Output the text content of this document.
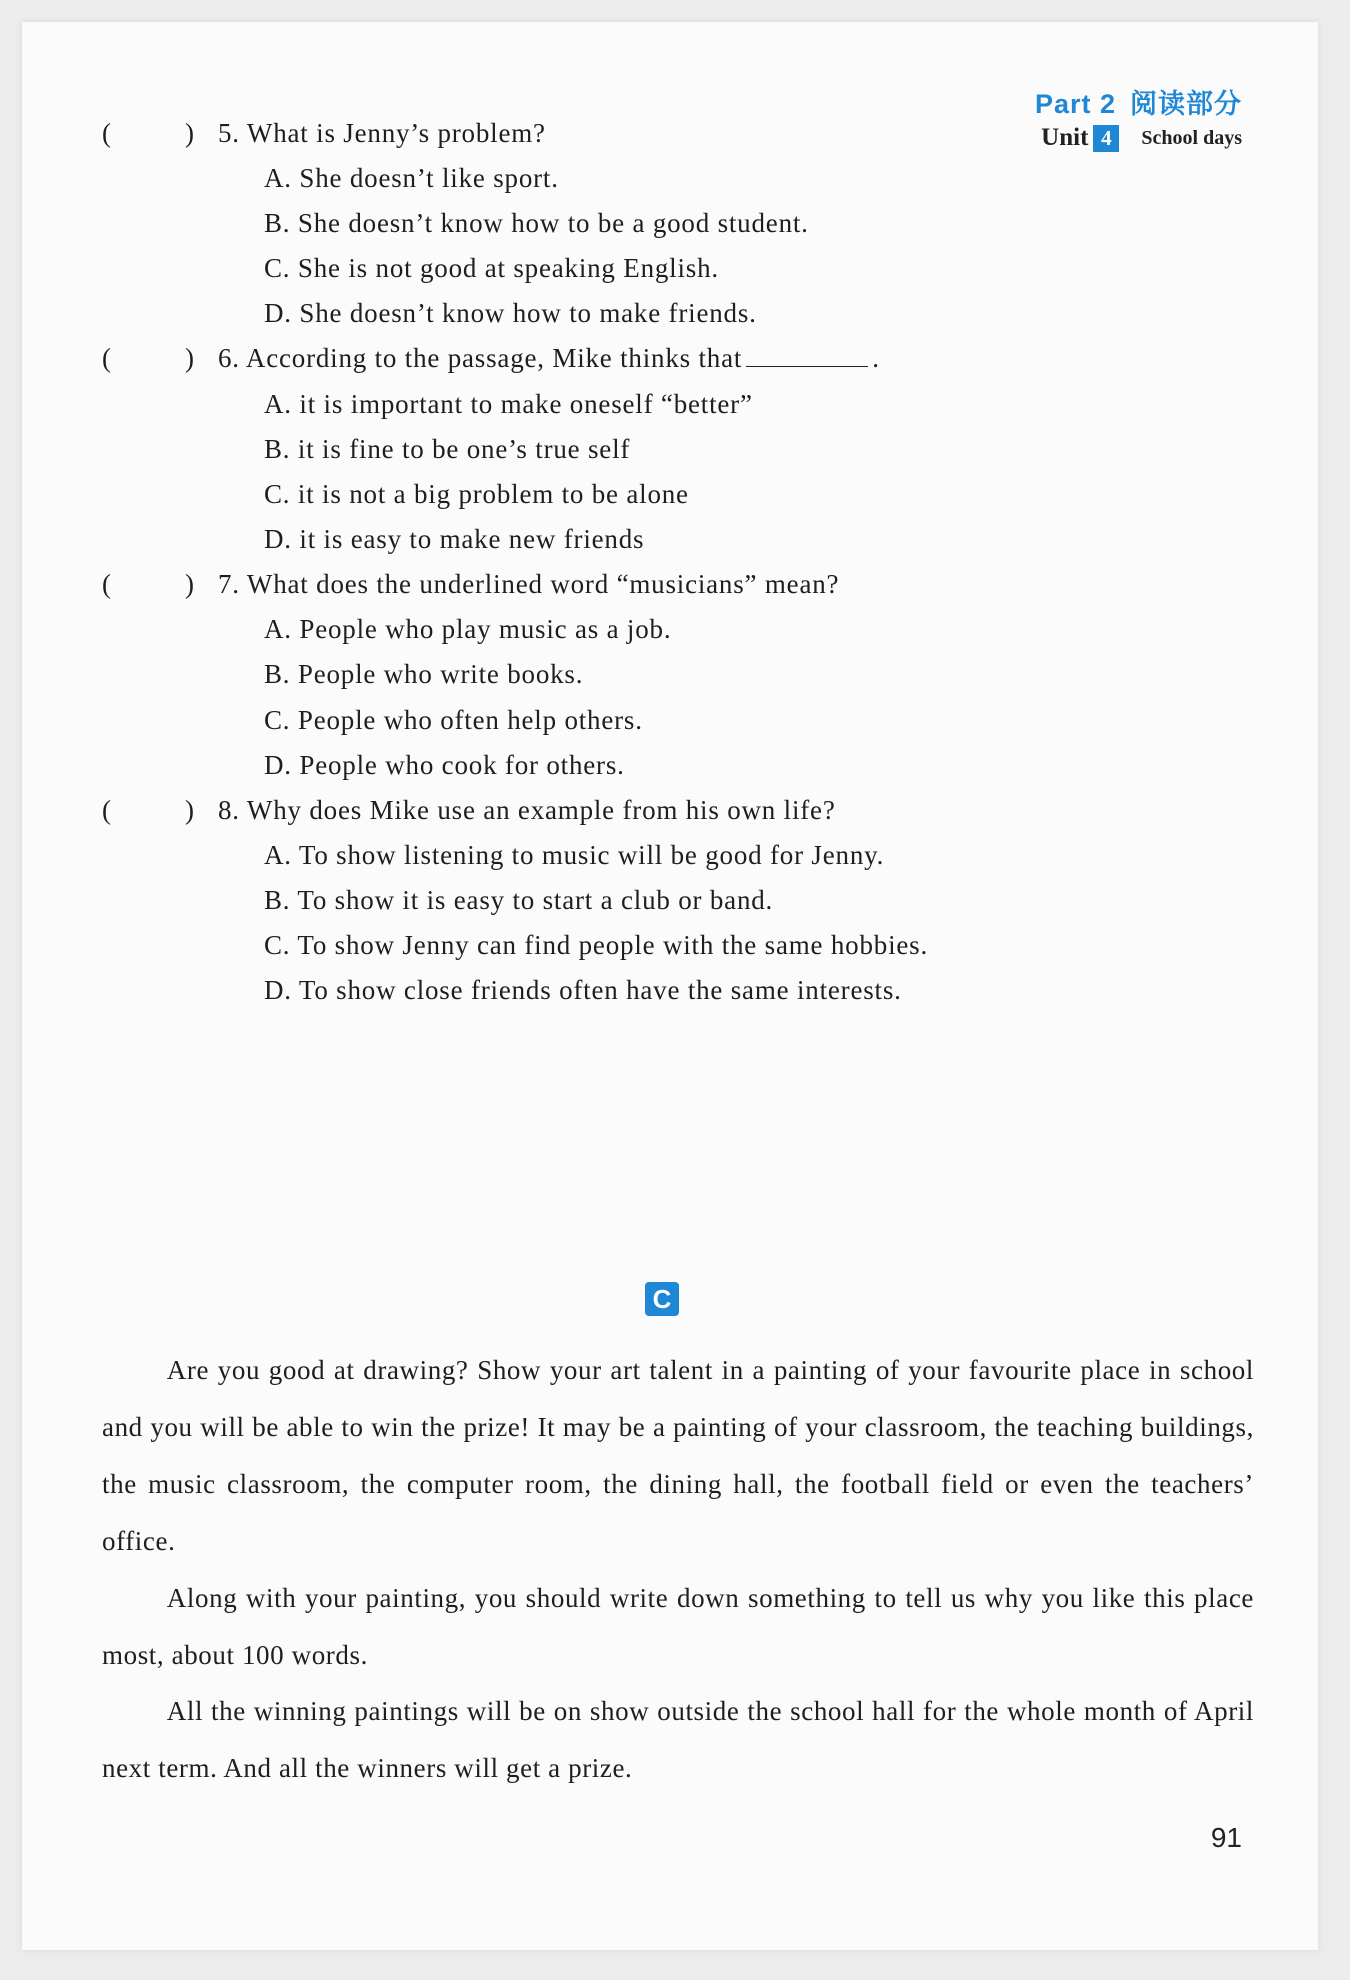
Part 2 阅读部分
Unit 4	School days
(	) 5. What is Jenny’s problem?
A. She doesn’t like sport.
B. She doesn’t know how to be a good student.
C. She is not good at speaking English.
D. She doesn’t know how to make friends.
(	) 6. According to the passage, Mike thinks that	.
A. it is important to make oneself “better”
B. it is fine to be one’s true self
C. it is not a big problem to be alone
D. it is easy to make new friends
(	) 7. What does the underlined word “musicians” mean?
A. People who play music as a job.
B. People who write books.
C. People who often help others.
D. People who cook for others.
(	) 8. Why does Mike use an example from his own life?
A. To show listening to music will be good for Jenny.
B. To show it is easy to start a club or band.
C. To show Jenny can find people with the same hobbies.
D. To show close friends often have the same interests.
C
Are you good at drawing? Show your art talent in a painting of your favourite place in school and you will be able to win the prize! It may be a painting of your classroom, the teaching buildings, the music classroom, the computer room, the dining hall, the football field or even the teachers’ office.
Along with your painting, you should write down something to tell us why you like this place most, about 100 words.
All the winning paintings will be on show outside the school hall for the whole month of April next term. And all the winners will get a prize.
91
